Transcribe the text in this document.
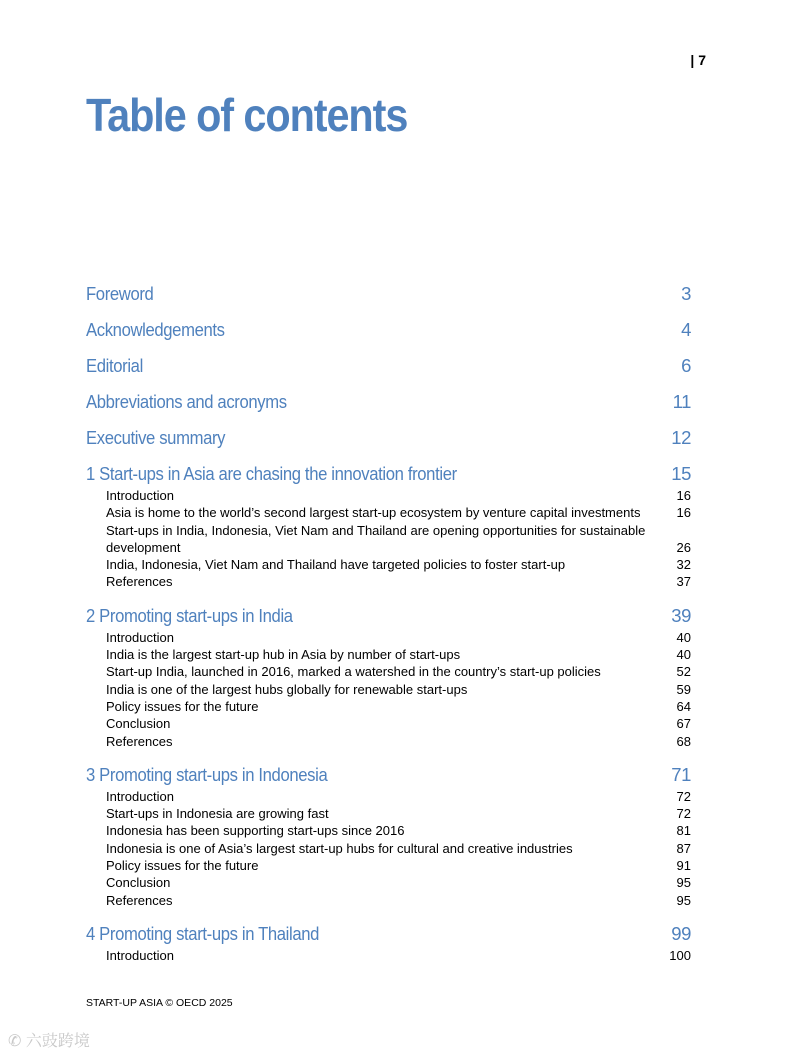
| 7
Table of contents
Foreword	3
Acknowledgements	4
Editorial	6
Abbreviations and acronyms	11
Executive summary	12
1 Start-ups in Asia are chasing the innovation frontier	15
Introduction	16
Asia is home to the world’s second largest start-up ecosystem by venture capital investments	16
Start-ups in India, Indonesia, Viet Nam and Thailand are opening opportunities for sustainable development	26
India, Indonesia, Viet Nam and Thailand have targeted policies to foster start-up	32
References	37
2 Promoting start-ups in India	39
Introduction	40
India is the largest start-up hub in Asia by number of start-ups	40
Start-up India, launched in 2016, marked a watershed in the country’s start-up policies	52
India is one of the largest hubs globally for renewable start-ups	59
Policy issues for the future	64
Conclusion	67
References	68
3 Promoting start-ups in Indonesia	71
Introduction	72
Start-ups in Indonesia are growing fast	72
Indonesia has been supporting start-ups since 2016	81
Indonesia is one of Asia’s largest start-up hubs for cultural and creative industries	87
Policy issues for the future	91
Conclusion	95
References	95
4 Promoting start-ups in Thailand	99
Introduction	100
START-UP ASIA © OECD 2025
✆ 六豉跨境
